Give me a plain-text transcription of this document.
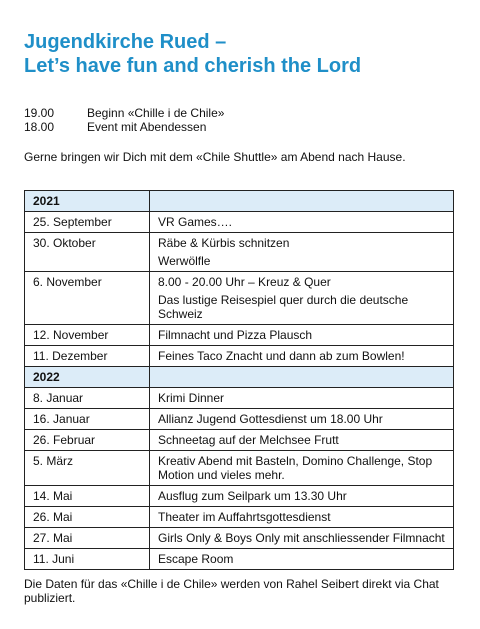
Jugendkirche Rued –
Let’s have fun and cherish the Lord
19.00	Beginn «Chille i de Chile»
18.00	Event mit Abendessen
Gerne bringen wir Dich mit dem «Chile Shuttle» am Abend nach Hause.
2021	
25. September	VR Games….

30. Oktober	Räbe & Kürbis schnitzen
Werwölfle

6. November	8.00 - 20.00 Uhr – Kreuz & Quer
Das lustige Reisespiel quer durch die deutsche Schweiz

12. November	Filmnacht und Pizza Plausch

11. Dezember	Feines Taco Znacht und dann ab zum Bowlen!

2022	
8. Januar	Krimi Dinner

16. Januar	Allianz Jugend Gottesdienst um 18.00 Uhr

26. Februar	Schneetag auf der Melchsee Frutt

5. März	Kreativ Abend mit Basteln, Domino Challenge, Stop Motion und vieles mehr.

14. Mai	Ausflug zum Seilpark um 13.30 Uhr

26. Mai	Theater im Auffahrtsgottesdienst

27. Mai	Girls Only & Boys Only mit anschliessender Filmnacht

11. Juni	Escape Room
Die Daten für das «Chille i de Chile» werden von Rahel Seibert direkt via Chat publiziert.
